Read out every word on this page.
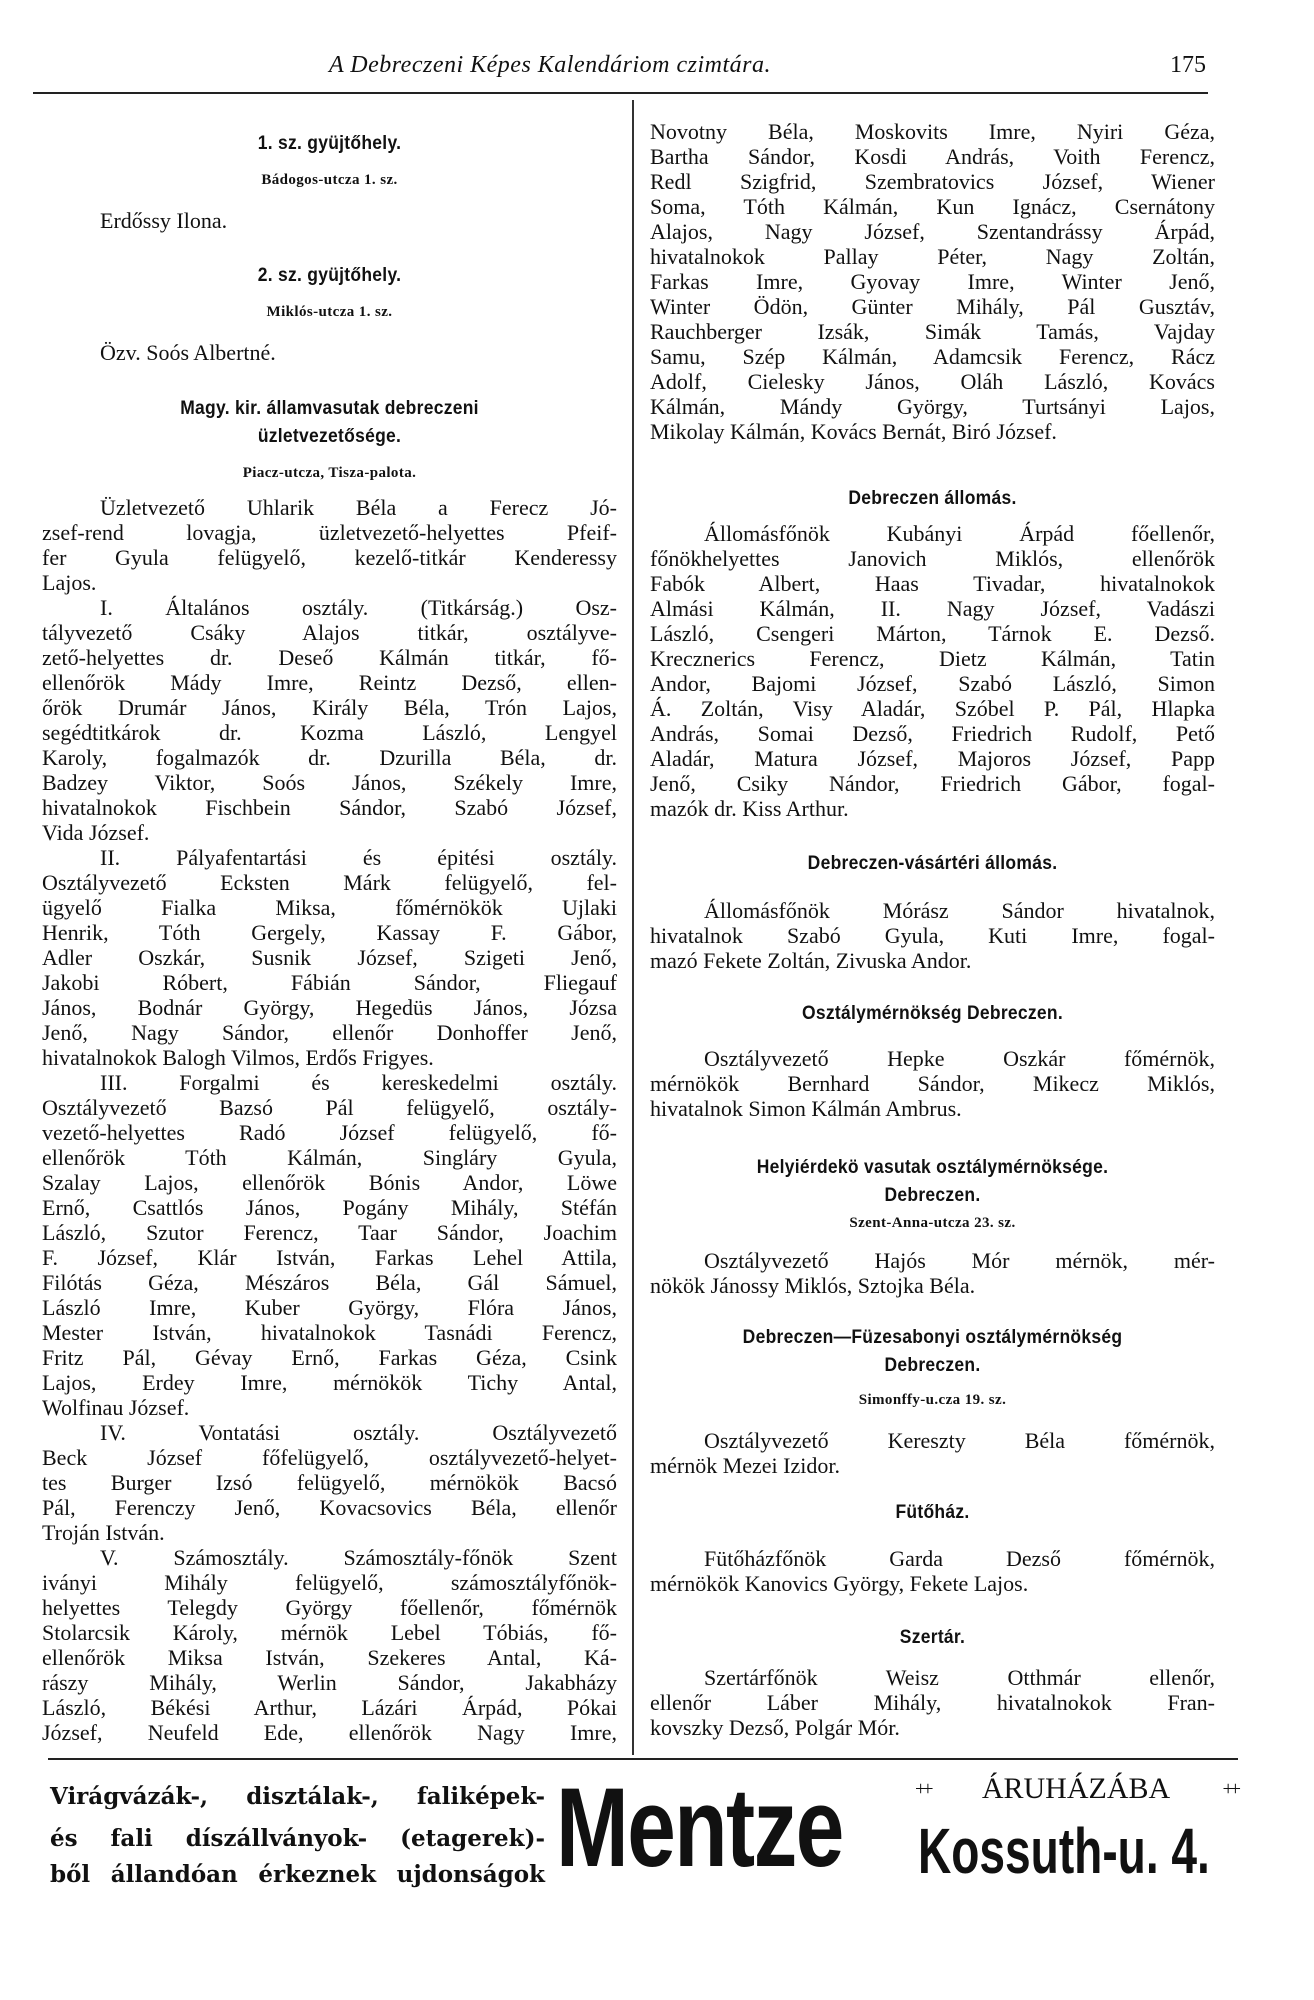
A Debreczeni Képes Kalendáriom czimtára.	175
1. sz. gyüjtőhely.
Bádogos-utcza 1. sz.
Erdőssy Ilona.
2. sz. gyüjtőhely.
Miklós-utcza 1. sz.
Özv. Soós Albertné.
Magy. kir. államvasutak debreczeni
üzletvezetősége.
Piacz-utcza, Tisza-palota.
Üzletvezető Uhlarik Béla a Ferecz Jó-
zsef-rend lovagja, üzletvezető-helyettes Pfeif-
fer Gyula felügyelő, kezelő-titkár Kenderessy
Lajos.
I. Általános osztály. (Titkárság.) Osz-
tályvezető Csáky Alajos titkár, osztályve-
zető-helyettes dr. Deseő Kálmán titkár, fő-
ellenőrök Mády Imre, Reintz Dezső, ellen-
őrök Drumár János, Király Béla, Trón Lajos,
segédtitkárok dr. Kozma László, Lengyel
Karoly, fogalmazók dr. Dzurilla Béla, dr.
Badzey Viktor, Soós János, Székely Imre,
hivatalnokok Fischbein Sándor, Szabó József,
Vida József.
II. Pályafentartási és épitési osztály.
Osztályvezető Ecksten Márk felügyelő, fel-
ügyelő Fialka Miksa, főmérnökök Ujlaki
Henrik, Tóth Gergely, Kassay F. Gábor,
Adler Oszkár, Susnik József, Szigeti Jenő,
Jakobi Róbert, Fábián Sándor, Fliegauf
János, Bodnár György, Hegedüs János, Józsa
Jenő, Nagy Sándor, ellenőr Donhoffer Jenő,
hivatalnokok Balogh Vilmos, Erdős Frigyes.
III. Forgalmi és kereskedelmi osztály.
Osztályvezető Bazsó Pál felügyelő, osztály-
vezető-helyettes Radó József felügyelő, fő-
ellenőrök Tóth Kálmán, Singláry Gyula,
Szalay Lajos, ellenőrök Bónis Andor, Löwe
Ernő, Csattlós János, Pogány Mihály, Stéfán
László, Szutor Ferencz, Taar Sándor, Joachim
F. József, Klár István, Farkas Lehel Attila,
Filótás Géza, Mészáros Béla, Gál Sámuel,
László Imre, Kuber György, Flóra János,
Mester István, hivatalnokok Tasnádi Ferencz,
Fritz Pál, Gévay Ernő, Farkas Géza, Csink
Lajos, Erdey Imre, mérnökök Tichy Antal,
Wolfinau József.
IV. Vontatási osztály. Osztályvezető
Beck József főfelügyelő, osztályvezető-helyet-
tes Burger Izsó felügyelő, mérnökök Bacsó
Pál, Ferenczy Jenő, Kovacsovics Béla, ellenőr
Troján István.
V. Számosztály. Számosztály-főnök Szent
iványi Mihály felügyelő, számosztályfőnök-
helyettes Telegdy György főellenőr, főmérnök
Stolarcsik Károly, mérnök Lebel Tóbiás, fő-
ellenőrök Miksa István, Szekeres Antal, Ká-
rászy Mihály, Werlin Sándor, Jakabházy
László, Békési Arthur, Lázári Árpád, Pókai
József, Neufeld Ede, ellenőrök Nagy Imre,
Novotny Béla, Moskovits Imre, Nyiri Géza,
Bartha Sándor, Kosdi András, Voith Ferencz,
Redl Szigfrid, Szembratovics József, Wiener
Soma, Tóth Kálmán, Kun Ignácz, Csernátony
Alajos, Nagy József, Szentandrássy Árpád,
hivatalnokok Pallay Péter, Nagy Zoltán,
Farkas Imre, Gyovay Imre, Winter Jenő,
Winter Ödön, Günter Mihály, Pál Gusztáv,
Rauchberger Izsák, Simák Tamás, Vajday
Samu, Szép Kálmán, Adamcsik Ferencz, Rácz
Adolf, Cielesky János, Oláh László, Kovács
Kálmán, Mándy György, Turtsányi Lajos,
Mikolay Kálmán, Kovács Bernát, Biró József.
Debreczen állomás.
Állomásfőnök Kubányi Árpád főellenőr,
főnökhelyettes Janovich Miklós, ellenőrök
Fabók Albert, Haas Tivadar, hivatalnokok
Almási Kálmán, II. Nagy József, Vadászi
László, Csengeri Márton, Tárnok E. Dezső.
Krecznerics Ferencz, Dietz Kálmán, Tatin
Andor, Bajomi József, Szabó László, Simon
Á. Zoltán, Visy Aladár, Szóbel P. Pál, Hlapka
András, Somai Dezső, Friedrich Rudolf, Pető
Aladár, Matura József, Majoros József, Papp
Jenő, Csiky Nándor, Friedrich Gábor, fogal-
mazók dr. Kiss Arthur.
Debreczen-vásártéri állomás.
Állomásfőnök Mórász Sándor hivatalnok,
hivatalnok Szabó Gyula, Kuti Imre, fogal-
mazó Fekete Zoltán, Zivuska Andor.
Osztálymérnökség Debreczen.
Osztályvezető Hepke Oszkár főmérnök,
mérnökök Bernhard Sándor, Mikecz Miklós,
hivatalnok Simon Kálmán Ambrus.
Helyiérdekö vasutak osztálymérnöksége.
Debreczen.
Szent-Anna-utcza 23. sz.
Osztályvezető Hajós Mór mérnök, mér-
nökök Jánossy Miklós, Sztojka Béla.
Debreczen—Füzesabonyi osztálymérnökség
Debreczen.
Simonffy-u.cza 19. sz.
Osztályvezető Kereszty Béla főmérnök,
mérnök Mezei Izidor.
Fütőház.
Fütőházfőnök Garda Dezső főmérnök,
mérnökök Kanovics György, Fekete Lajos.
Szertár.
Szertárfőnök Weisz Otthmár ellenőr,
ellenőr Láber Mihály, hivatalnokok Fran-
kovszky Dezső, Polgár Mór.
Virágvázák-, disztálak-, faliképek-
és fali díszállványok- (etagerek)-
ből állandóan érkeznek ujdonságok Mentze	++ ÁRUHÁZÁBA	++
Kossuth-u. 4.
